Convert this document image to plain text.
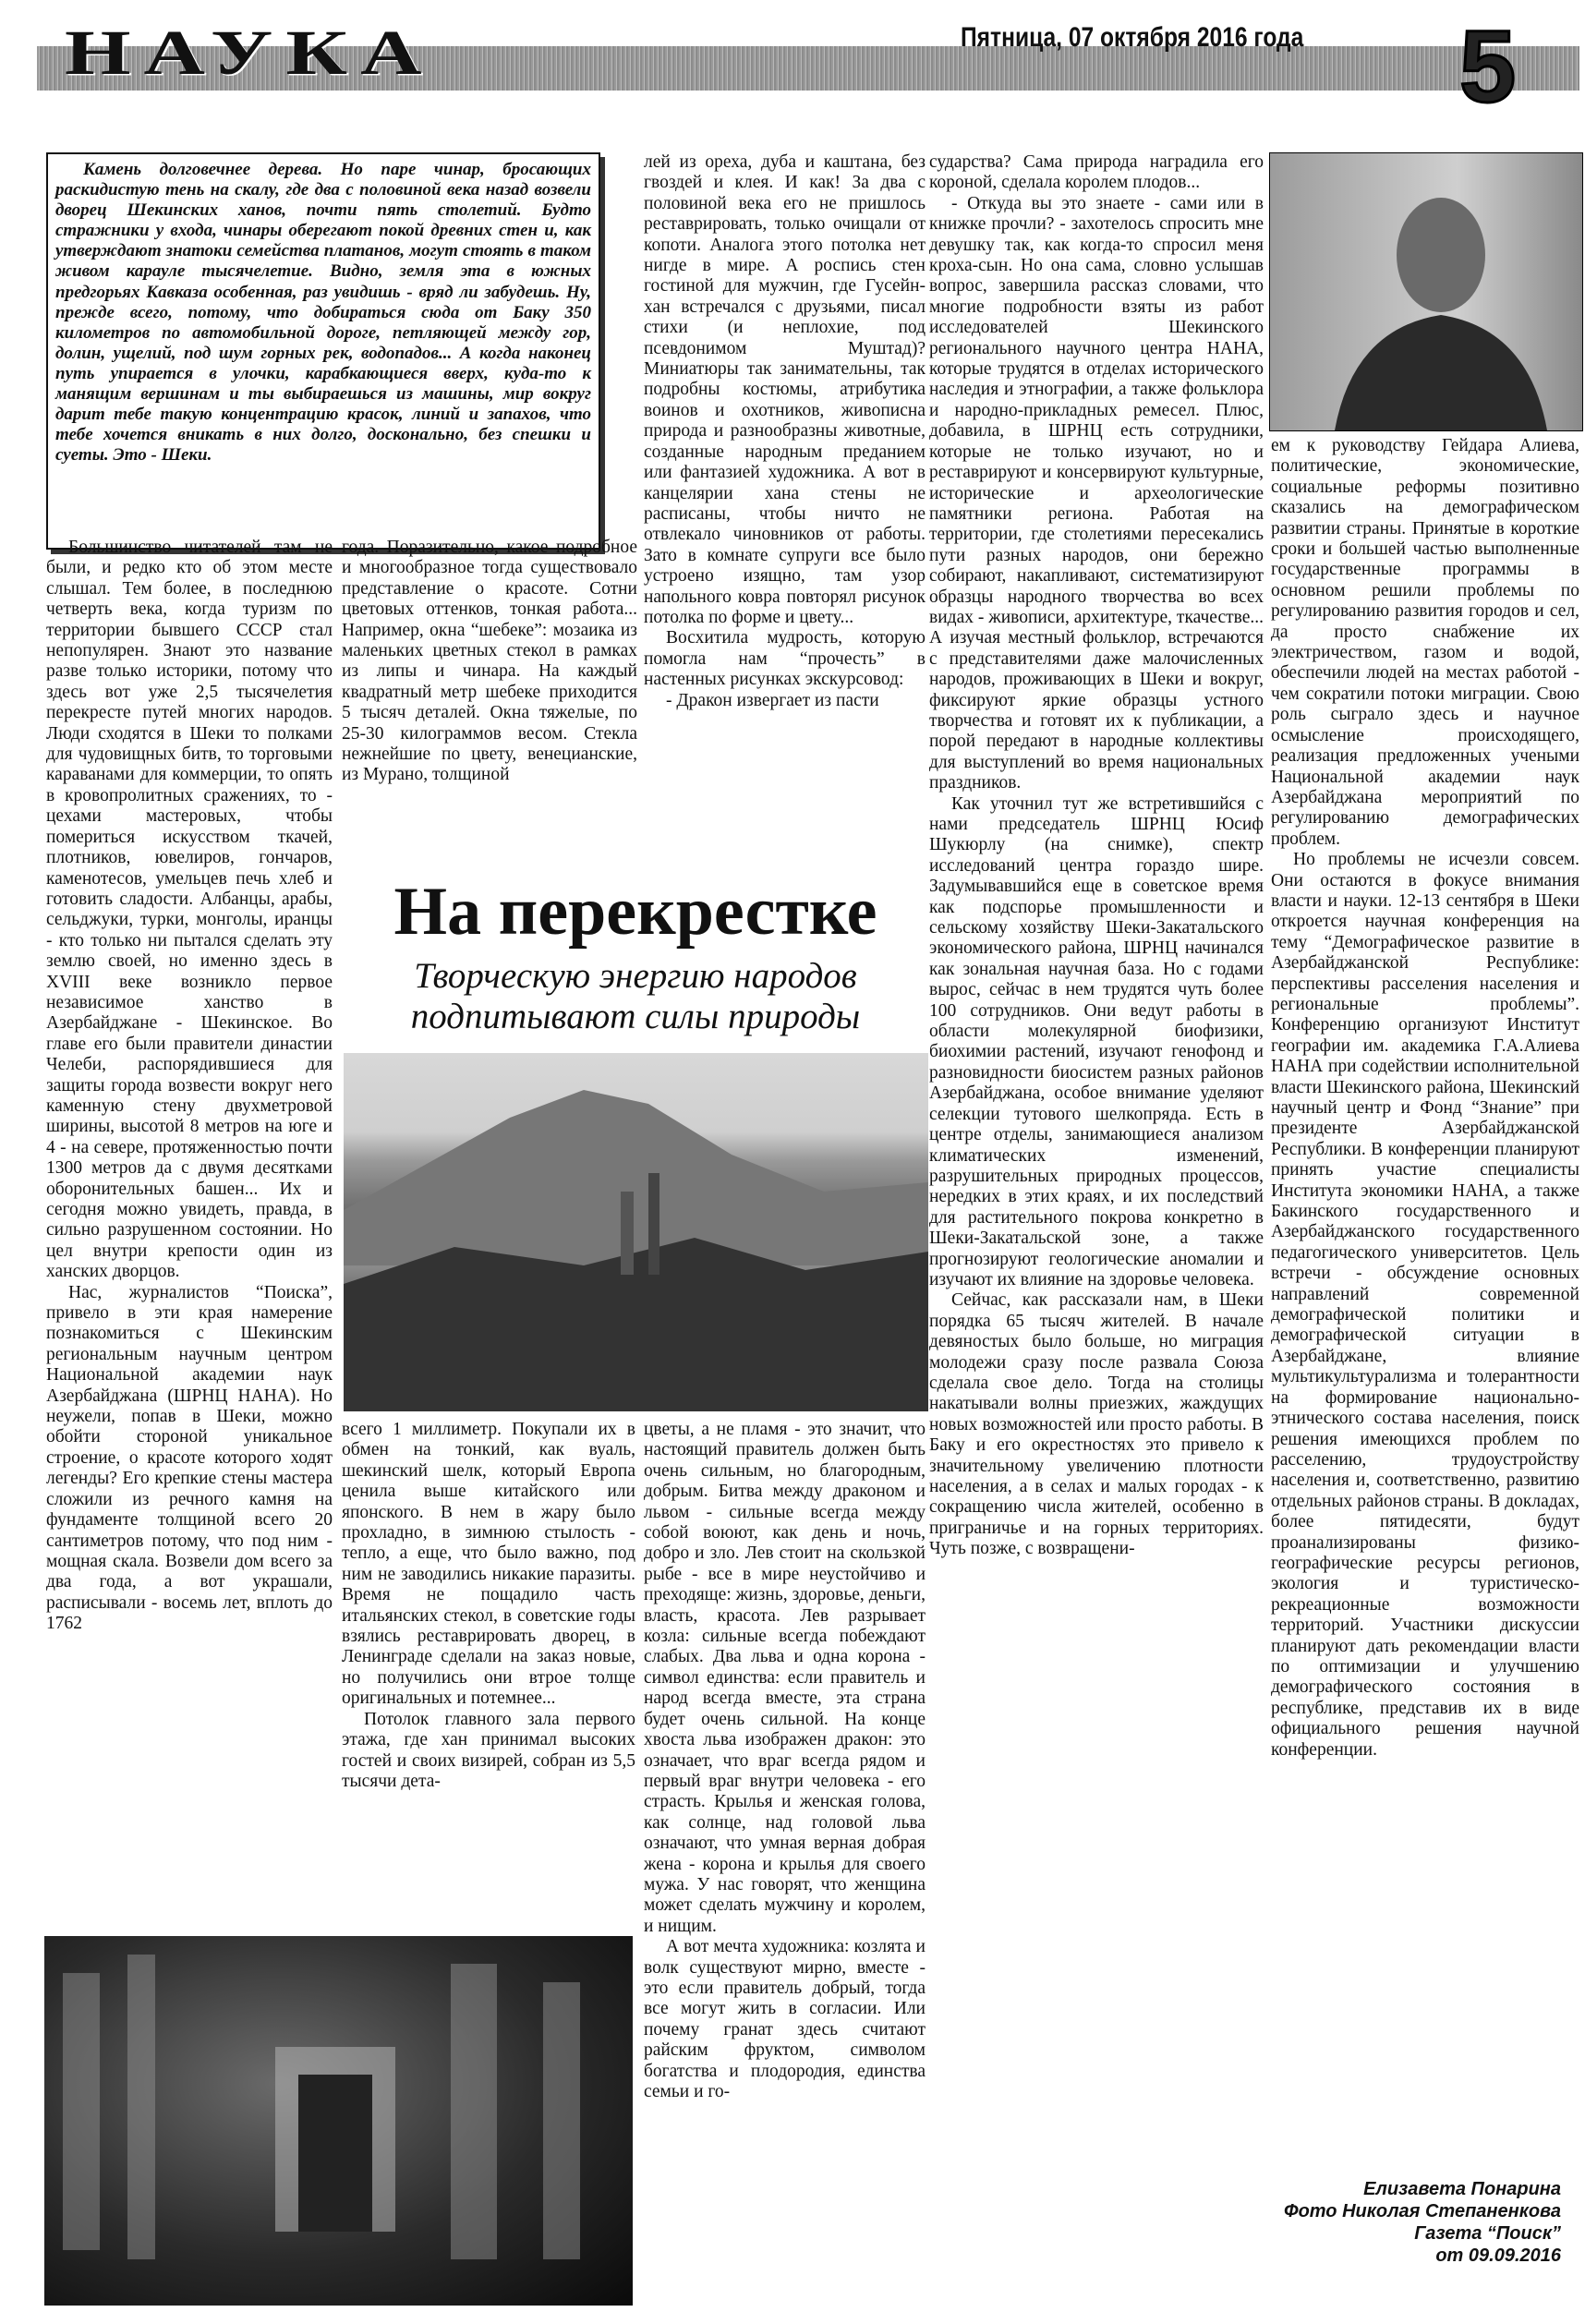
НАУКА	Пятница, 07 октября 2016 года 5

Камень долговечнее дерева. Но паре чинар, бросающих раскидистую тень на скалу, где два с половиной века назад возвели дворец Шекинских ханов, почти пять столетий. Будто стражники у входа, чинары оберегают покой древних стен и, как утверждают знатоки семейства платанов, могут стоять в таком живом карауле тысячелетие. Видно, земля эта в южных предгорьях Кавказа особенная, раз увидишь - вряд ли забудешь. Ну, прежде всего, потому, что добираться сюда от Баку 350 километров по автомобильной дороге, петляющей между гор, долин, ущелий, под шум горных рек, водопадов... А когда наконец путь упирается в улочки, карабкающиеся вверх, куда-то к манящим вершинам и ты выбираешься из машины, мир вокруг дарит тебе такую концентрацию красок, линий и запахов, что тебе хочется вникать в них долго, досконально, без спешки и суеты. Это - Шеки.

Большинство читателей там не были, и редко кто об этом месте слышал. Тем более, в последнюю четверть века, когда туризм по территории бывшего СССР стал непопулярен. Знают это название разве только историки, потому что здесь вот уже 2,5 тысячелетия перекресте путей многих народов. Люди сходятся в Шеки то полками для чудовищных битв, то торговыми караванами для коммерции, то опять в кровопролитных сражениях, то - цехами мастеровых, чтобы помериться искусством ткачей, плотников, ювелиров, гончаров, каменотесов, умельцев печь хлеб и готовить сладости. Албанцы, арабы, сельджуки, турки, монголы, иранцы - кто только ни пытался сделать эту землю своей, но именно здесь в XVIII веке возникло первое независимое ханство в Азербайджане - Шекинское. Во главе его были правители династии Челеби, распорядившиеся для защиты города возвести вокруг него каменную стену двухметровой ширины, высотой 8 метров на юге и 4 - на севере, протяженностью почти 1300 метров да с двумя десятками оборонительных башен... Их и сегодня можно увидеть, правда, в сильно разрушенном состоянии. Но цел внутри крепости один из ханских дворцов.

Нас, журналистов “Поиска”, привело в эти края намерение познакомиться с Шекинским региональным научным центром Национальной академии наук Азербайджана (ШРНЦ НАНА). Но неужели, попав в Шеки, можно обойти стороной уникальное строение, о красоте которого ходят легенды? Его крепкие стены мастера сложили из речного камня на фундаменте толщиной всего 20 сантиметров потому, что под ним - мощная скала. Возвели дом всего за два года, а вот украшали, расписывали - восемь лет, вплоть до 1762

года. Поразительно, какое подробное и многообразное тогда существовало представление о красоте. Сотни цветовых оттенков, тонкая работа... Например, окна “шебеке”: мозаика из маленьких цветных стекол в рамках из липы и чинара. На каждый квадратный метр шебеке приходится 5 тысяч деталей. Окна тяжелые, по 25-30 килограммов весом. Стекла нежнейшие по цвету, венецианские, из Мурано, толщиной

лей из ореха, дуба и каштана, без гвоздей и клея. И как! За два с половиной века его не пришлось реставрировать, только очищали от копоти. Аналога этого потолка нет нигде в мире. А роспись стен гостиной для мужчин, где Гусейн-хан встречался с друзьями, писал стихи (и неплохие, под псевдонимом Муштад)? Миниатюры так занимательны, так подробны костюмы, атрибутика воинов и охотников, живописна природа и разнообразны животные, созданные народным преданием или фантазией художника. А вот в канцелярии хана стены не расписаны, чтобы ничто не отвлекало чиновников от работы. Зато в комнате супруги все было устроено изящно, там узор напольного ковра повторял рисунок потолка по форме и цвету...

Восхитила мудрость, которую помогла нам “прочесть” в настенных рисунках экскурсовод:

- Дракон извергает из пасти

На перекрестке
Творческую энергию народов подпитывают силы природы

всего 1 миллиметр. Покупали их в обмен на тонкий, как вуаль, шекинский шелк, который Европа ценила выше китайского или японского. В нем в жару было прохладно, в зимнюю стылость - тепло, а еще, что было важно, под ним не заводились никакие паразиты. Время не пощадило часть итальянских стекол, в советские годы взялись реставрировать дворец, в Ленинграде сделали на заказ новые, но получились они втрое толще оригинальных и потемнее...

Потолок главного зала первого этажа, где хан принимал высоких гостей и своих визирей, собран из 5,5 тысячи дета-

цветы, а не пламя - это значит, что настоящий правитель должен быть очень сильным, но благородным, добрым. Битва между драконом и львом - сильные всегда между собой воюют, как день и ночь, добро и зло. Лев стоит на скользкой рыбе - все в мире неустойчиво и преходяще: жизнь, здоровье, деньги, власть, красота. Лев разрывает козла: сильные всегда побеждают слабых. Два льва и одна корона - символ единства: если правитель и народ всегда вместе, эта страна будет очень сильной. На конце хвоста льва изображен дракон: это означает, что враг всегда рядом и первый враг внутри человека - его страсть. Крылья и женская голова, как солнце, над головой льва означают, что умная верная добрая жена - корона и крылья для своего мужа. У нас говорят, что женщина может сделать мужчину и королем, и нищим.

А вот мечта художника: козлята и волк существуют мирно, вместе - это если правитель добрый, тогда все могут жить в согласии. Или почему гранат здесь считают райским фруктом, символом богатства и плодородия, единства семьи и го-

сударства? Сама природа наградила его короной, сделала королем плодов...

- Откуда вы это знаете - сами или в книжке прочли? - захотелось спросить мне девушку так, как когда-то спросил меня кроха-сын. Но она сама, словно услышав вопрос, завершила рассказ словами, что многие подробности взяты из работ исследователей Шекинского регионального научного центра НАНА, которые трудятся в отделах исторического наследия и этнографии, а также фольклора и народно-прикладных ремесел. Плюс, добавила, в ШРНЦ есть сотрудники, которые не только изучают, но и реставрируют и консервируют культурные, исторические и археологические памятники региона. Работая на территории, где столетиями пересекались пути разных народов, они бережно собирают, накапливают, систематизируют образцы народного творчества во всех видах - живописи, архитектуре, ткачестве... А изучая местный фольклор, встречаются с представителями даже малочисленных народов, проживающих в Шеки и вокруг, фиксируют яркие образцы устного творчества и готовят их к публикации, а порой передают в народные коллективы для выступлений во время национальных праздников.

Как уточнил тут же встретившийся с нами председатель ШРНЦ Юсиф Шукюрлу (на снимке), спектр исследований центра гораздо шире. Задумывавшийся еще в советское время как подспорье промышленности и сельскому хозяйству Шеки-Закатальского экономического района, ШРНЦ начинался как зональная научная база. Но с годами вырос, сейчас в нем трудятся чуть более 100 сотрудников. Они ведут работы в области молекулярной биофизики, биохимии растений, изучают генофонд и разновидности биосистем разных районов Азербайджана, особое внимание уделяют селекции тутового шелкопряда. Есть в центре отделы, занимающиеся анализом климатических изменений, разрушительных природных процессов, нередких в этих краях, и их последствий для растительного покрова конкретно в Шеки-Закатальской зоне, а также прогнозируют геологические аномалии и изучают их влияние на здоровье человека.

Сейчас, как рассказали нам, в Шеки порядка 65 тысяч жителей. В начале девяностых было больше, но миграция молодежи сразу после развала Союза сделала свое дело. Тогда на столицы накатывали волны приезжих, жаждущих новых возможностей или просто работы. В Баку и его окрестностях это привело к значительному увеличению плотности населения, а в селах и малых городах - к сокращению числа жителей, особенно в приграничье и на горных территориях. Чуть позже, с возвращени-

ем к руководству Гейдара Алиева, политические, экономические, социальные реформы позитивно сказались на демографическом развитии страны. Принятые в короткие сроки и большей частью выполненные государственные программы в основном решили проблемы по регулированию развития городов и сел, да просто снабжение их электричеством, газом и водой, обеспечили людей на местах работой - чем сократили потоки миграции. Свою роль сыграло здесь и научное осмысление происходящего, реализация предложенных учеными Национальной академии наук Азербайджана мероприятий по регулированию демографических проблем.

Но проблемы не исчезли совсем. Они остаются в фокусе внимания власти и науки. 12-13 сентября в Шеки откроется научная конференция на тему “Демографическое развитие в Азербайджанской Республике: перспективы расселения населения и региональные проблемы”. Конференцию организуют Институт географии им. академика Г.А.Алиева НАНА при содействии исполнительной власти Шекинского района, Шекинский научный центр и Фонд “Знание” при президенте Азербайджанской Республики. В конференции планируют принять участие специалисты Института экономики НАНА, а также Бакинского государственного и Азербайджанского государственного педагогического университетов. Цель встречи - обсуждение основных направлений современной демографической политики и демографической ситуации в Азербайджане, влияние мультикультурализма и толерантности на формирование национально-этнического состава населения, поиск решения имеющихся проблем по расселению, трудоустройству населения и, соответственно, развитию отдельных районов страны. В докладах, более пятидесяти, будут проанализированы физико-географические ресурсы регионов, экология и туристическо-рекреационные возможности территорий. Участники дискуссии планируют дать рекомендации власти по оптимизации и улучшению демографического состояния в республике, представив их в виде официального решения научной конференции.

Елизавета Понарина
Фото Николая Степаненкова
Газета “Поиск”
от 09.09.2016
